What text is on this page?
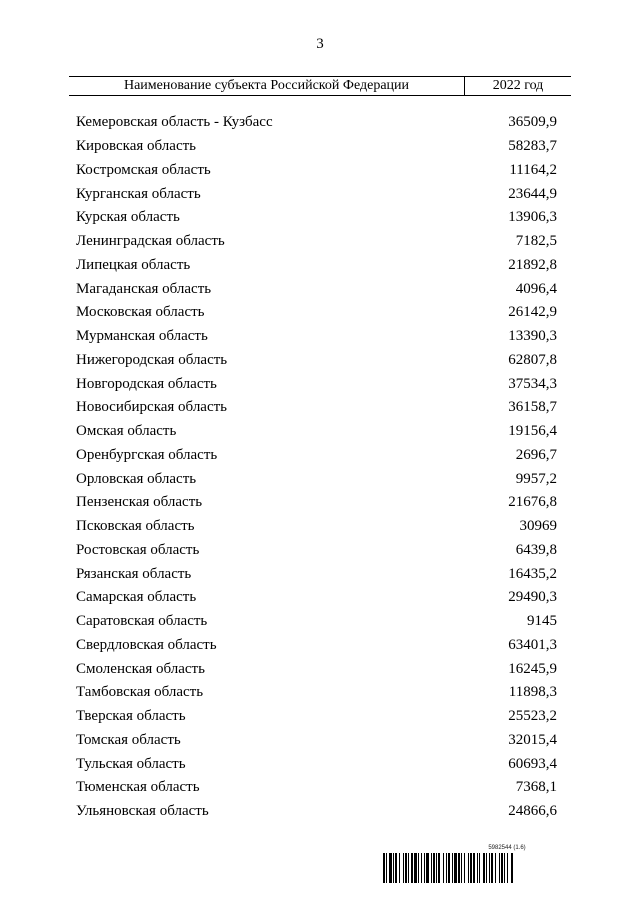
3
Наименование субъекта Российской Федерации	2022 год
Кемеровская область - Кузбасс	36509,9
Кировская область	58283,7
Костромская область	11164,2
Курганская область	23644,9
Курская область	13906,3
Ленинградская область	7182,5
Липецкая область	21892,8
Магаданская область	4096,4
Московская область	26142,9
Мурманская область	13390,3
Нижегородская область	62807,8
Новгородская область	37534,3
Новосибирская область	36158,7
Омская область	19156,4
Оренбургская область	2696,7
Орловская область	9957,2
Пензенская область	21676,8
Псковская область	30969
Ростовская область	6439,8
Рязанская область	16435,2
Самарская область	29490,3
Саратовская область	9145
Свердловская область	63401,3
Смоленская область	16245,9
Тамбовская область	11898,3
Тверская область	25523,2
Томская область	32015,4
Тульская область	60693,4
Тюменская область	7368,1
Ульяновская область	24866,6
5982544 (1.6)
